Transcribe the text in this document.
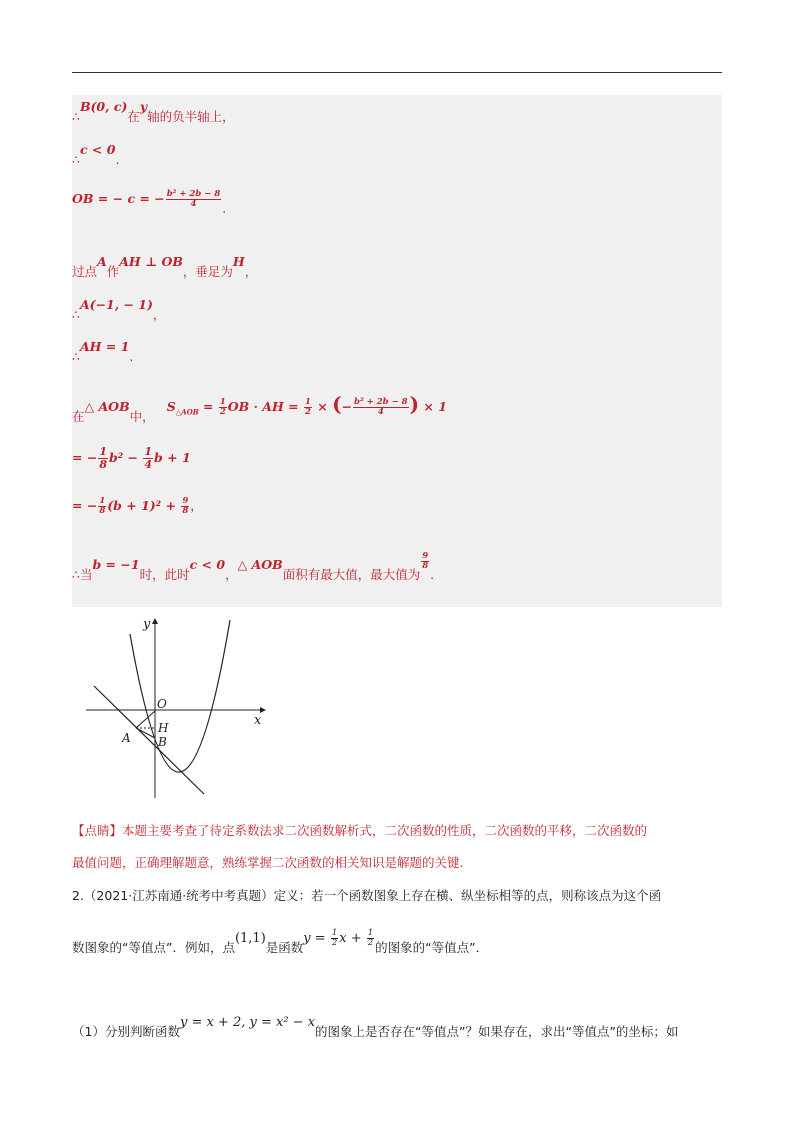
∴B(0, c)在y轴的负半轴上，
∴c < 0.
OB = − c = − $\frac{\text{b² + 2b − 8}}{4}$ .
过点A作AH ⊥ OB，垂足为H，
∴A(−1, − 1)，
∴AH = 1.
在△ AOB中， $S_{\triangle AOB} = \frac{1}{2}$ OB · AH = $\frac{1}{2}$ × (− $\frac{\text{b² + 2b − 8}}{4}$ ) × 1
= − $\frac{1}{8} b^2 - \frac{1}{4}$ b + 1
= − $\frac{1}{8} (b + 1)^2 + \frac{9}{8}$ ，
∴当b = −1时，此时c < 0，△ AOB面积有最大值，最大值为
$\frac{9}{8}$
.
y
x
O
H
A B
【点睛】本题主要考查了待定系数法求二次函数解析式，二次函数的性质，二次函数的平移，二次函数的
最值问题，正确理解题意，熟练掌握二次函数的相关知识是解题的关键.
2.（2021·江苏南通·统考中考真题）定义：若一个函数图象上存在横、纵坐标相等的点，则称该点为这个函
数图象的“等值点”．例如，点(1,1)是函数$y = \frac{1}{2}$ $x + \frac{1}{2}$ 的图象的“等值点”．
（1）分别判断函数y = x + 2, y = x² − x的图象上是否存在“等值点”？如果存在，求出“等值点”的坐标；如
